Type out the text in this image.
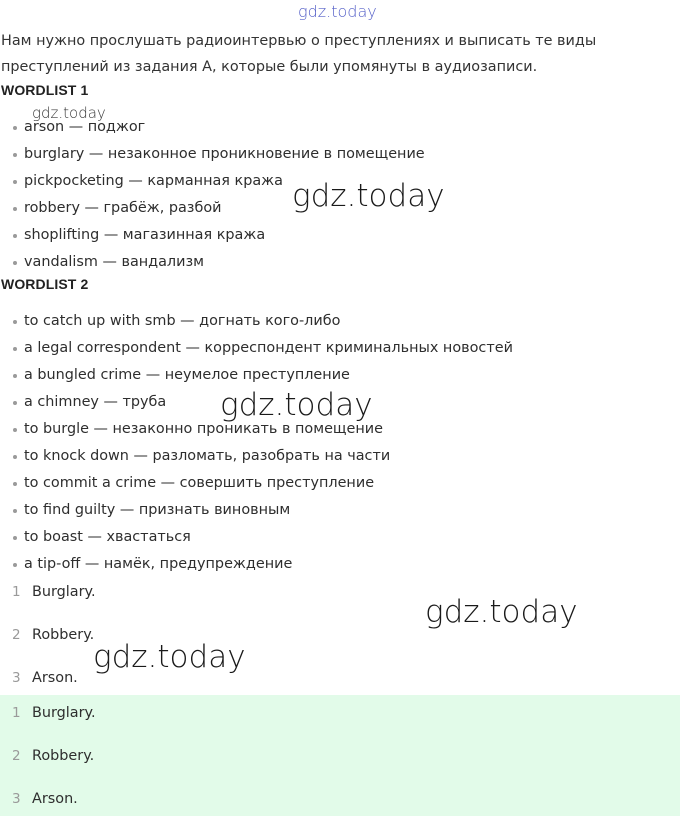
Нам нужно прослушать радиоинтервью о преступлениях и выписать те виды преступлений из задания А, которые были упомянуты в аудиозаписи.

WORDLIST 1
arson — поджог
burglary — незаконное проникновение в помещение
pickpocketing — карманная кража
robbery — грабёж, разбой
shoplifting — магазинная кража
vandalism — вандализм
WORDLIST 2
to catch up with smb — догнать кого-либо
a legal correspondent — корреспондент криминальных новостей
a bungled crime — неумелое преступление
a chimney — труба
to burgle — незаконно проникать в помещение
to knock down — разломать, разобрать на части
to commit a crime — совершить преступление
to find guilty — признать виновным
to boast — хвастаться
a tip-off — намёк, предупреждение
1 Burglary.
2 Robbery.
3 Arson.
1 Burglary.
2 Robbery.
3 Arson.
gdz.today
gdz.today
gdz.today
gdz.today
gdz.today
gdz.today
